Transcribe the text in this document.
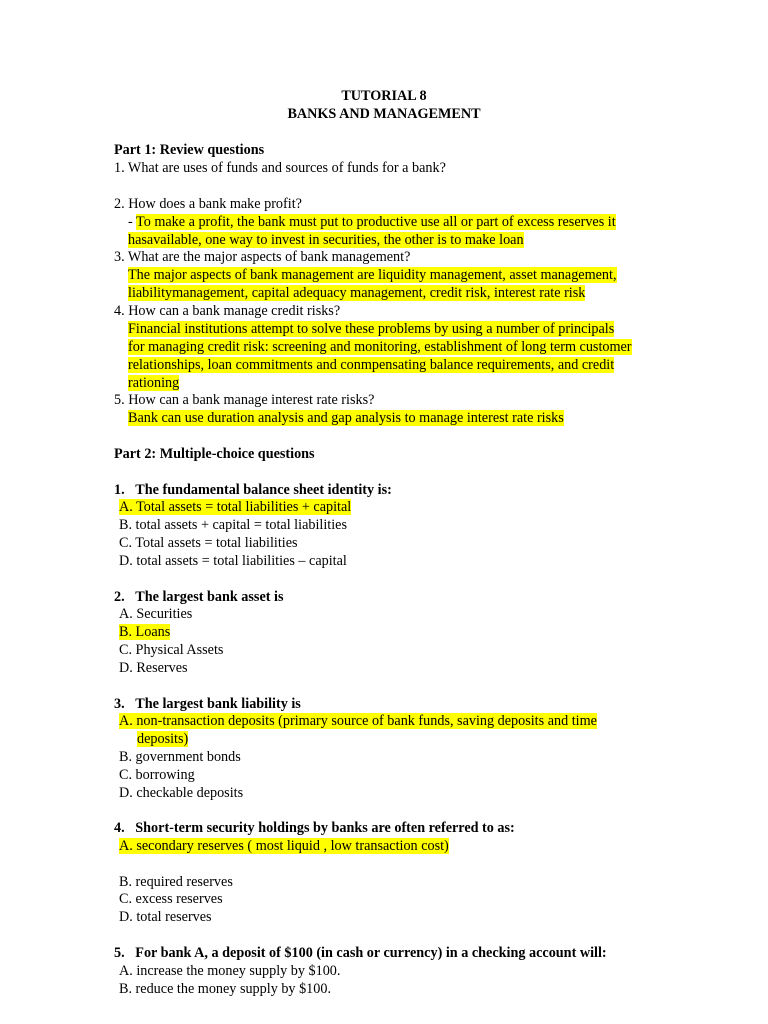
TUTORIAL 8
BANKS AND MANAGEMENT
Part 1: Review questions
1. What are uses of funds and sources of funds for a bank?
2. How does a bank make profit?
- To make a profit, the bank must put to productive use all or part of excess reserves it
hasavailable, one way to invest in securities, the other is to make loan
3. What are the major aspects of bank management?
The major aspects of bank management are liquidity management, asset management,
liabilitymanagement, capital adequacy management, credit risk, interest rate risk
4. How can a bank manage credit risks?
Financial institutions attempt to solve these problems by using a number of principals
for managing credit risk: screening and monitoring, establishment of long term customer
relationships, loan commitments and conmpensating balance requirements, and credit
rationing
5. How can a bank manage interest rate risks?
Bank can use duration analysis and gap analysis to manage interest rate risks
Part 2: Multiple-choice questions
1.   The fundamental balance sheet identity is:
A. Total assets = total liabilities + capital
B. total assets + capital = total liabilities
C. Total assets = total liabilities
D. total assets = total liabilities – capital
2.   The largest bank asset is
A. Securities
B. Loans
C. Physical Assets
D. Reserves
3.   The largest bank liability is
A. non-transaction deposits (primary source of bank funds, saving deposits and time
deposits)
B. government bonds
C. borrowing
D. checkable deposits
4.   Short-term security holdings by banks are often referred to as:
A. secondary reserves ( most liquid , low transaction cost)
B. required reserves
C. excess reserves
D. total reserves
5.   For bank A, a deposit of $100 (in cash or currency) in a checking account will:
A. increase the money supply by $100.
B. reduce the money supply by $100.
